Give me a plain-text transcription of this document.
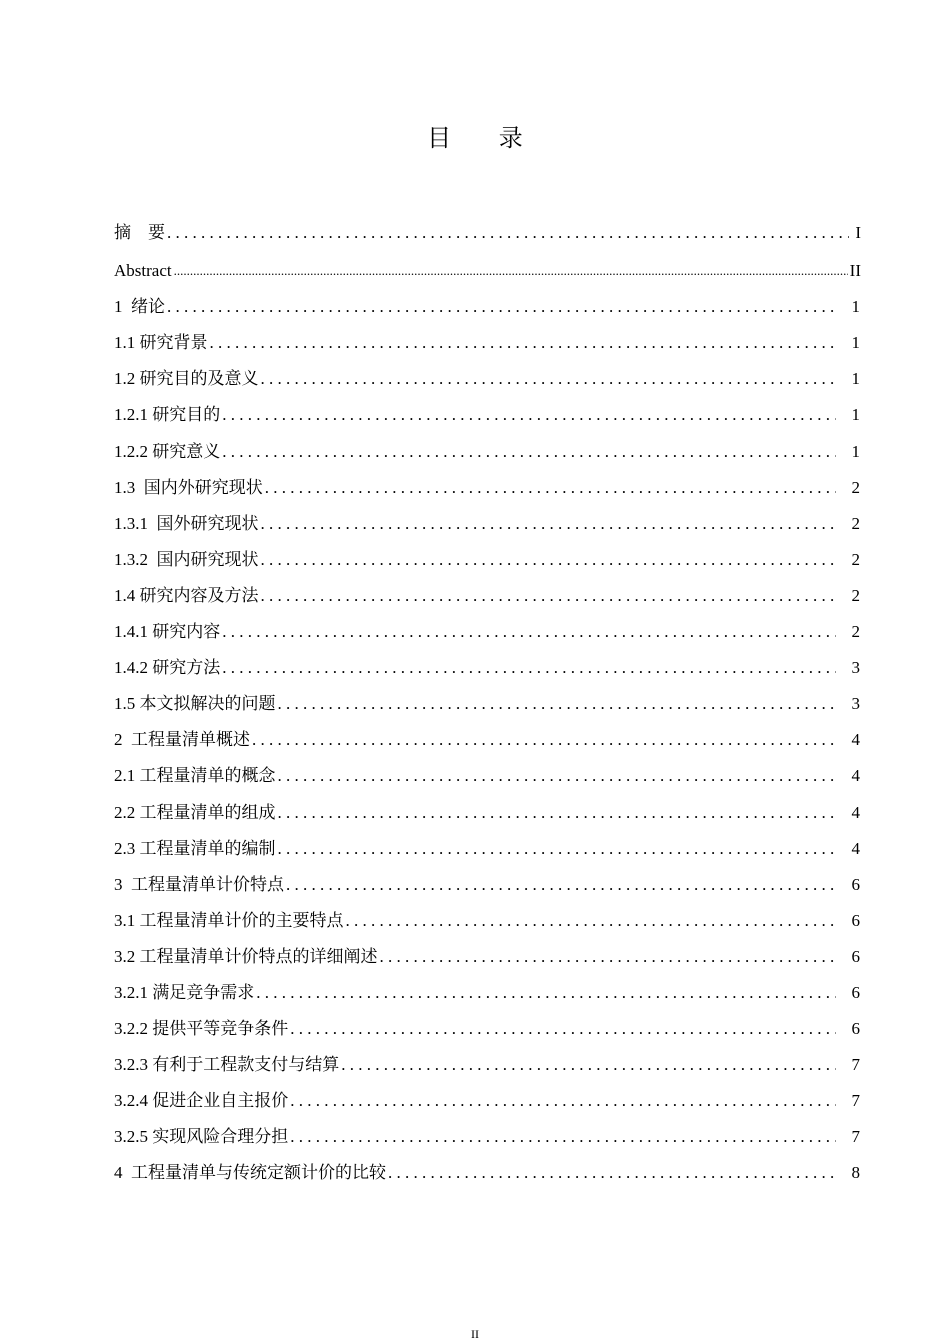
目 录
摘    要 . . .	I
Abstract .....	II
1  绪论 . . .	1
1.1 研究背景 . . .	1
1.2 研究目的及意义 . . .	1
1.2.1 研究目的 . . .	1
1.2.2 研究意义 . . .	1
1.3  国内外研究现状 . . .	2
1.3.1  国外研究现状 . . .	2
1.3.2  国内研究现状 . . .	2
1.4 研究内容及方法 . . .	2
1.4.1 研究内容 . . .	2
1.4.2 研究方法 . . .	3
1.5 本文拟解决的问题 . . .	3
2  工程量清单概述 . . .	4
2.1 工程量清单的概念 . . .	4
2.2 工程量清单的组成 . . .	4
2.3 工程量清单的编制 . . .	4
3  工程量清单计价特点 . . .	6
3.1 工程量清单计价的主要特点 . . .	6
3.2 工程量清单计价特点的详细阐述 . . .	6
3.2.1 满足竞争需求 . . .	6
3.2.2 提供平等竞争条件 . . .	6
3.2.3 有利于工程款支付与结算 . . .	7
3.2.4 促进企业自主报价 . . .	7
3.2.5 实现风险合理分担 . . .	7
4  工程量清单与传统定额计价的比较 . . .	8
II
